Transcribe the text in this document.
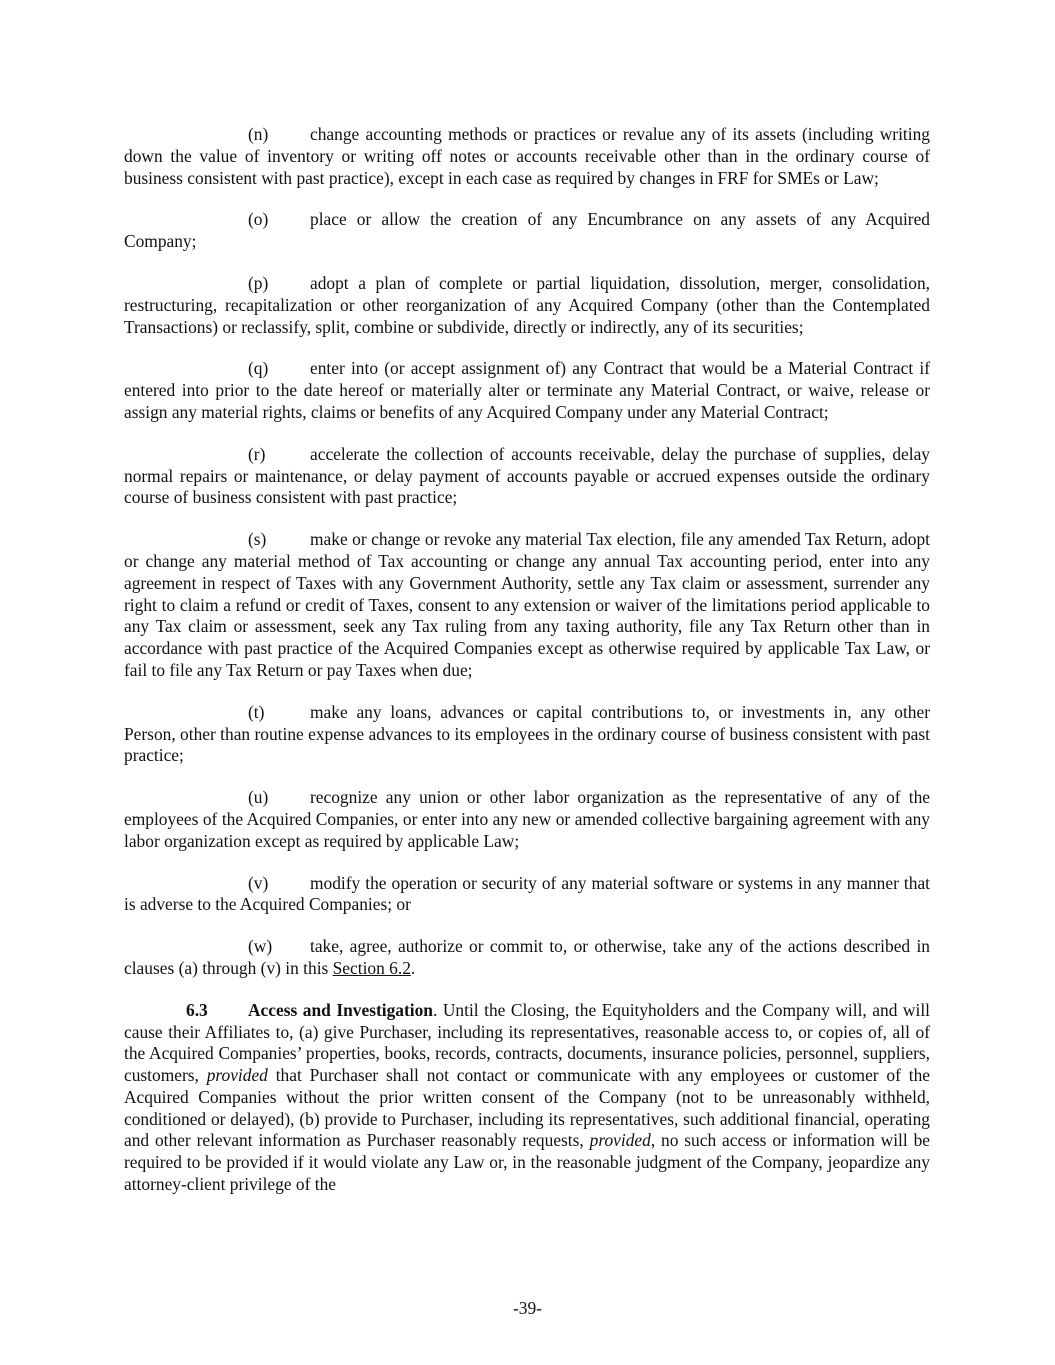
(n) change accounting methods or practices or revalue any of its assets (including writing down the value of inventory or writing off notes or accounts receivable other than in the ordinary course of business consistent with past practice), except in each case as required by changes in FRF for SMEs or Law;

(o) place or allow the creation of any Encumbrance on any assets of any Acquired Company;

(p) adopt a plan of complete or partial liquidation, dissolution, merger, consolidation, restructuring, recapitalization or other reorganization of any Acquired Company (other than the Contemplated Transactions) or reclassify, split, combine or subdivide, directly or indirectly, any of its securities;

(q) enter into (or accept assignment of) any Contract that would be a Material Contract if entered into prior to the date hereof or materially alter or terminate any Material Contract, or waive, release or assign any material rights, claims or benefits of any Acquired Company under any Material Contract;

(r)	accelerate the collection of accounts receivable, delay the purchase of supplies, delay normal repairs or maintenance, or delay payment of accounts payable or accrued expenses outside the ordinary course of business consistent with past practice;

(s)	make or change or revoke any material Tax election, file any amended Tax Return, adopt or change any material method of Tax accounting or change any annual Tax accounting period, enter into any agreement in respect of Taxes with any Government Authority, settle any Tax claim or assessment, surrender any right to claim a refund or credit of Taxes, consent to any extension or waiver of the limitations period applicable to any Tax claim or assessment, seek any Tax ruling from any taxing authority, file any Tax Return other than in accordance with past practice of the Acquired Companies except as otherwise required by applicable Tax Law, or fail to file any Tax Return or pay Taxes when due;

(t)	make any loans, advances or capital contributions to, or investments in, any other Person, other than routine expense advances to its employees in the ordinary course of business consistent with past practice;

(u) recognize any union or other labor organization as the representative of any of the employees of the Acquired Companies, or enter into any new or amended collective bargaining agreement with any labor organization except as required by applicable Law;

(v) modify the operation or security of any material software or systems in any manner that is adverse to the Acquired Companies; or

(w) take, agree, authorize or commit to, or otherwise, take any of the actions described in clauses (a) through (v) in this Section 6.2.

6.3 Access and Investigation. Until the Closing, the Equityholders and the Company will, and will cause their Affiliates to, (a) give Purchaser, including its representatives, reasonable access to, or copies of, all of the Acquired Companies’ properties, books, records, contracts, documents, insurance policies, personnel, suppliers, customers, provided that Purchaser shall not contact or communicate with any employees or customer of the Acquired Companies without the prior written consent of the Company (not to be unreasonably withheld, conditioned or delayed), (b) provide to Purchaser, including its representatives, such additional financial, operating and other relevant information as Purchaser reasonably requests, provided, no such access or information will be required to be provided if it would violate any Law or, in the reasonable judgment of the Company, jeopardize any attorney-client privilege of the

-39-
